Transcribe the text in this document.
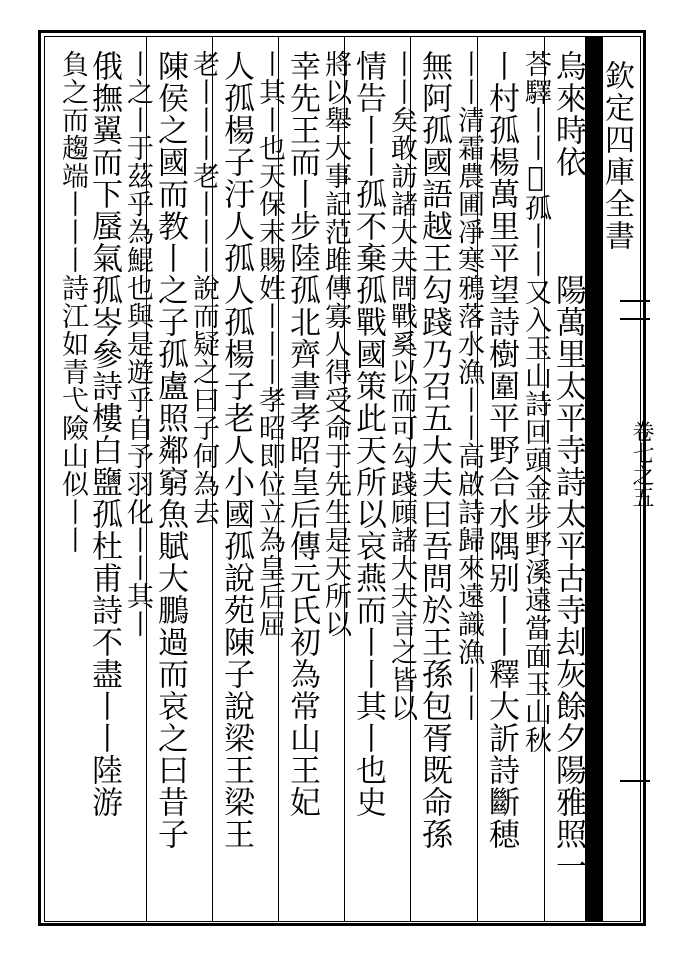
欽定四庫全書
卷七之五
烏來時依　　　陽萬里太平寺詩太平古寺刦灰餘夕陽雅照一
荅驛丨丨𡊮孤丨丨又入玉山詩回頭金步野溪遠當面玉山秋
丨村孤楊萬里平望詩樹圍平野合水隅别丨丨釋大訢詩斷穂
丨丨清霜農圃凈寒鴉落水漁丨丨高啟詩歸來遠識漁丨丨
無阿孤國語越王勾踐乃召五大夫曰吾問於王孫包胥既命孫
丨丨矣敢訪諸大夫問戰奚以而可勾踐頋諸大夫言之皆以
情告丨丨孤不棄孤戰國策此天所以哀燕而丨丨其丨也史
將以舉大事記范雎傳寡人得受命于先生是天所以
幸先王而丨步陸孤北齊書孝昭皇后傳元氏初為常山王妃
丨其丨也天保末賜姓丨丨丨孝昭即位立為皇后屈
人孤楊子汙人孤人孤楊子老人小國孤說苑陳子說梁王梁王
老丨丨丨老丨丨丨說而疑之曰子何為去
陳侯之國而教丨之子孤盧照鄰窮魚賦大鵬過而哀之曰昔子
丨之丨于茲乎為鯤也與是遊乎自予羽化丨丨其丨
俄撫翼而下蜃氣孤岑參詩樓白鹽孤杜甫詩不盡丨丨陸游
負之而趨端丨丨丨詩江如青弋險山似丨丨
